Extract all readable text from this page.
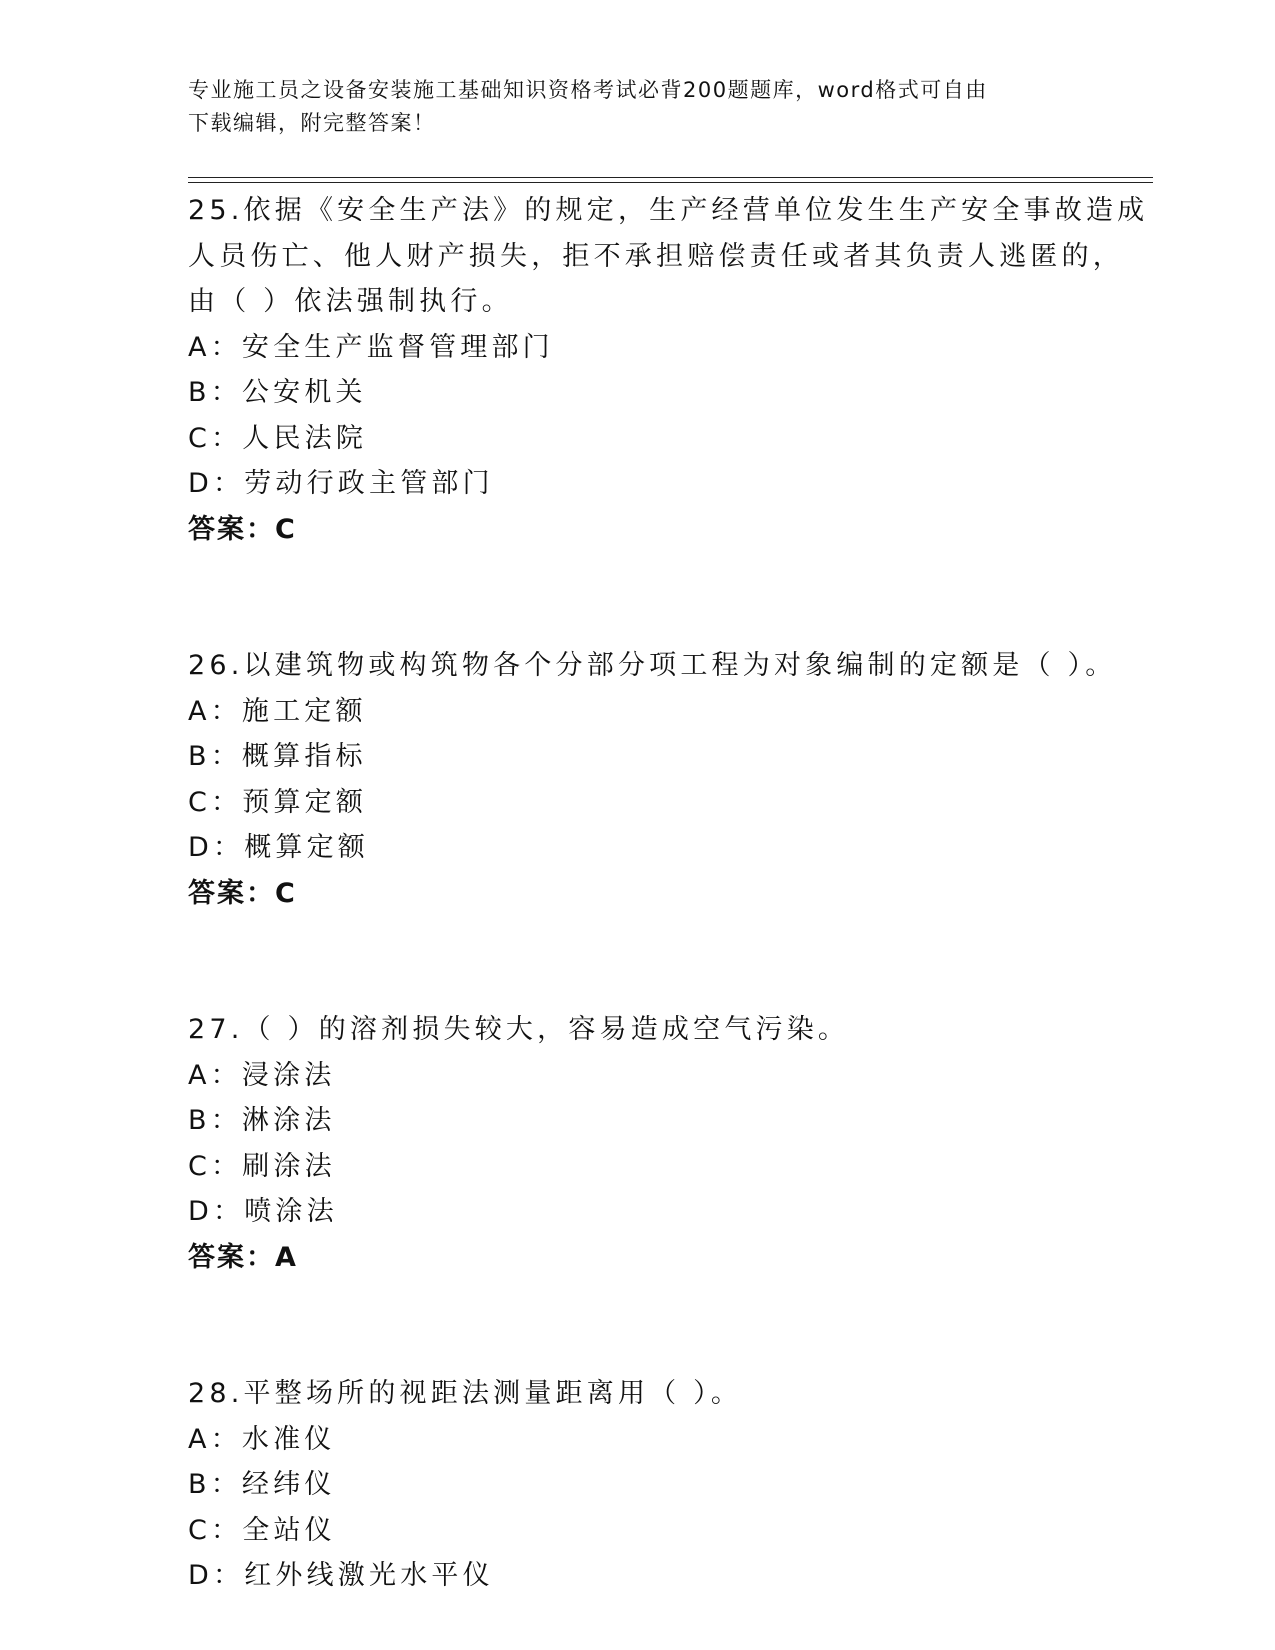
专业施工员之设备安装施工基础知识资格考试必背200题题库，word格式可自由
下载编辑，附完整答案！
25.依据《安全生产法》的规定，生产经营单位发生生产安全事故造成
人员伤亡、他人财产损失，拒不承担赔偿责任或者其负责人逃匿的，
由（ ）依法强制执行。
A：安全生产监督管理部门
B：公安机关
C：人民法院
D：劳动行政主管部门
答案：C
26.以建筑物或构筑物各个分部分项工程为对象编制的定额是（ ）。
A：施工定额
B：概算指标
C：预算定额
D：概算定额
答案：C
27.（ ）的溶剂损失较大，容易造成空气污染。
A：浸涂法
B：淋涂法
C：刷涂法
D：喷涂法
答案：A
28.平整场所的视距法测量距离用（ ）。
A：水准仪
B：经纬仪
C：全站仪
D：红外线激光水平仪
